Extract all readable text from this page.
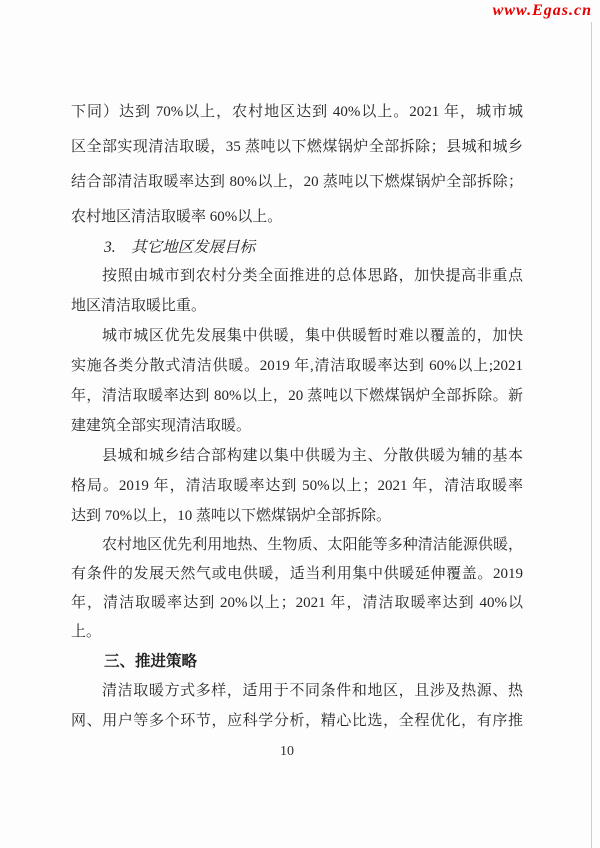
www.Egas.cn
下同）达到 70%以上，农村地区达到 40%以上。2021 年，城市城
区全部实现清洁取暖，35 蒸吨以下燃煤锅炉全部拆除；县城和城乡
结合部清洁取暖率达到 80%以上，20 蒸吨以下燃煤锅炉全部拆除；
农村地区清洁取暖率 60%以上。
3.　其它地区发展目标
按照由城市到农村分类全面推进的总体思路，加快提高非重点
地区清洁取暖比重。
城市城区优先发展集中供暖，集中供暖暂时难以覆盖的，加快
实施各类分散式清洁供暖。2019 年,清洁取暖率达到 60%以上;2021
年，清洁取暖率达到 80%以上，20 蒸吨以下燃煤锅炉全部拆除。新
建建筑全部实现清洁取暖。
县城和城乡结合部构建以集中供暖为主、分散供暖为辅的基本
格局。2019 年，清洁取暖率达到 50%以上；2021 年，清洁取暖率
达到 70%以上，10 蒸吨以下燃煤锅炉全部拆除。
农村地区优先利用地热、生物质、太阳能等多种清洁能源供暖，
有条件的发展天然气或电供暖，适当利用集中供暖延伸覆盖。2019
年，清洁取暖率达到 20%以上；2021 年，清洁取暖率达到 40%以
上。
三、推进策略
清洁取暖方式多样，适用于不同条件和地区，且涉及热源、热
网、用户等多个环节，应科学分析，精心比选，全程优化，有序推
10
